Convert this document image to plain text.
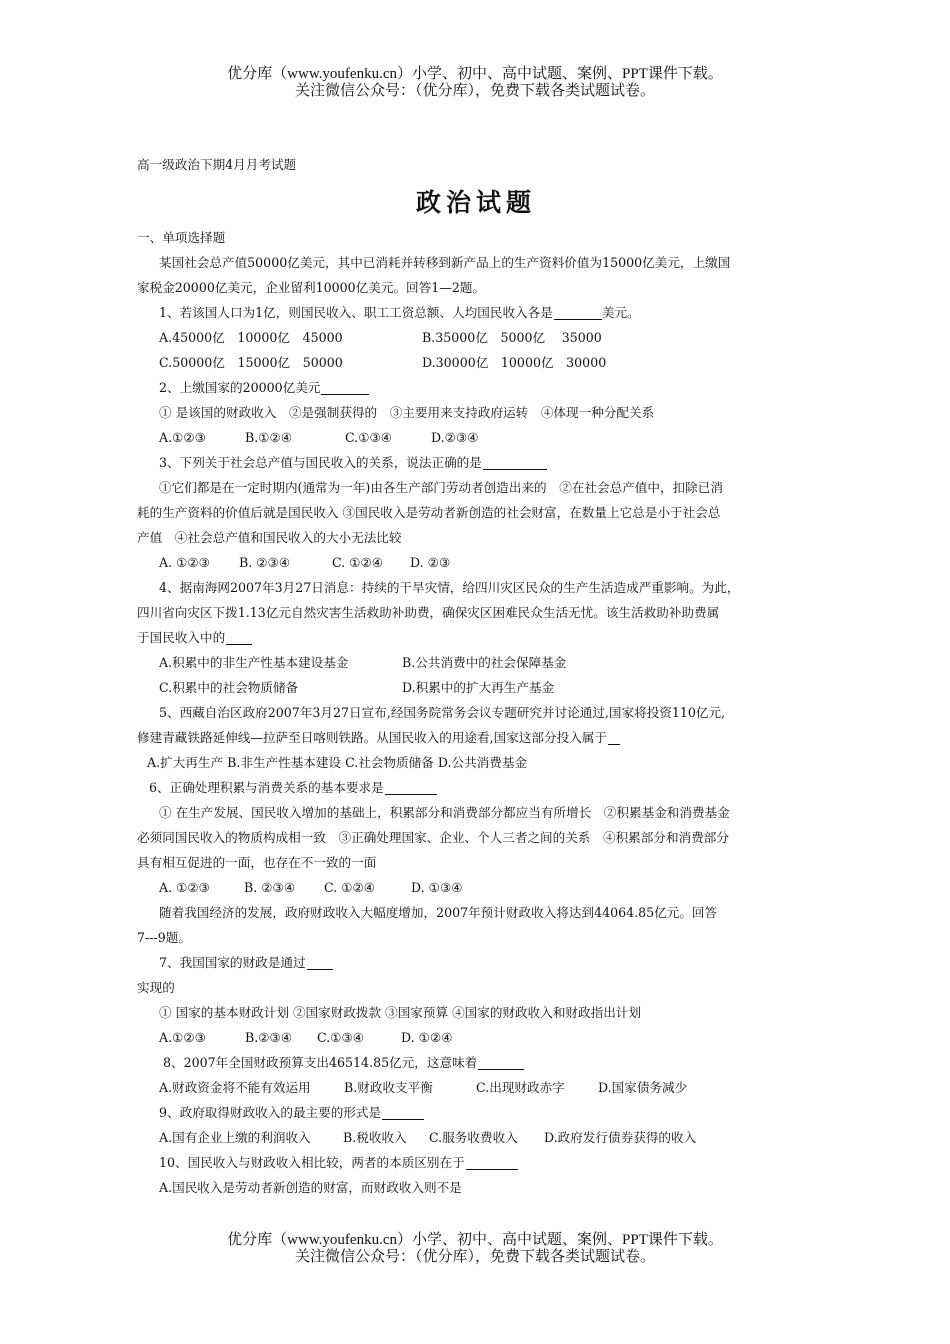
优分库（www.youfenku.cn）小学、初中、高中试题、案例、PPT课件下载。
关注微信公众号：（优分库），免费下载各类试题试卷。
高一级政治下期4月月考试题
政治试题
一、单项选择题
某国社会总产值50000亿美元，其中已消耗并转移到新产品上的生产资料价值为15000亿美元，上缴国
家税金20000亿美元，企业留利10000亿美元。回答1—2题。
1、若该国人口为1亿，则国民收入、职工工资总额、人均国民收入各是	美元。
A.45000亿　10000亿　45000	B.35000亿　5000亿　 35000
C.50000亿　15000亿　50000	D.30000亿　10000亿　30000
2、上缴国家的20000亿美元
① 是该国的财政收入　②是强制获得的　③主要用来支持政府运转　④体现一种分配关系
A.①②③	B.①②④	C.①③④	D.②③④
3、下列关于社会总产值与国民收入的关系，说法正确的是
①它们都是在一定时期内(通常为一年)由各生产部门劳动者创造出来的　②在社会总产值中，扣除已消
耗的生产资料的价值后就是国民收入 ③国民收入是劳动者新创造的社会财富，在数量上它总是小于社会总
产值　④社会总产值和国民收入的大小无法比较
A. ①②③	B. ②③④	C. ①②④	D. ②③
4、据南海网2007年3月27日消息：持续的干旱灾情，给四川灾区民众的生产生活造成严重影响。为此，
四川省向灾区下拨1.13亿元自然灾害生活救助补助费，确保灾区困难民众生活无忧。该生活救助补助费属
于国民收入中的
A.积累中的非生产性基本建设基金	B.公共消费中的社会保障基金
C.积累中的社会物质储备	D.积累中的扩大再生产基金
5、西藏自治区政府2007年3月27日宣布,经国务院常务会议专题研究并讨论通过,国家将投资110亿元,
修建青藏铁路延伸线—拉萨至日喀则铁路。从国民收入的用途看,国家这部分投入属于
A.扩大再生产 B.非生产性基本建设 C.社会物质储备 D.公共消费基金
6、正确处理积累与消费关系的基本要求是
① 在生产发展、国民收入增加的基础上，积累部分和消费部分都应当有所增长　②积累基金和消费基金
必须同国民收入的物质构成相一致　③正确处理国家、企业、个人三者之间的关系　④积累部分和消费部分
具有相互促进的一面，也存在不一致的一面
A. ①②③	B. ②③④	C. ①②④	D. ①③④
随着我国经济的发展，政府财政收入大幅度增加，2007年预计财政收入将达到44064.85亿元。回答
7---9题。
7、我国国家的财政是通过
实现的
① 国家的基本财政计划 ②国家财政拨款 ③国家预算 ④国家的财政收入和财政指出计划
A.①②③	B.②③④	C.①③④	D. ①②④
8、2007年全国财政预算支出46514.85亿元，这意味着
A.财政资金将不能有效运用	B.财政收支平衡	C.出现财政赤字	D.国家债务减少
9、政府取得财政收入的最主要的形式是
A.国有企业上缴的利润收入	B.税收收入	C.服务收费收入	D.政府发行债券获得的收入
10、国民收入与财政收入相比较，两者的本质区别在于
A.国民收入是劳动者新创造的财富，而财政收入则不是
优分库（www.youfenku.cn）小学、初中、高中试题、案例、PPT课件下载。
关注微信公众号：（优分库），免费下载各类试题试卷。
